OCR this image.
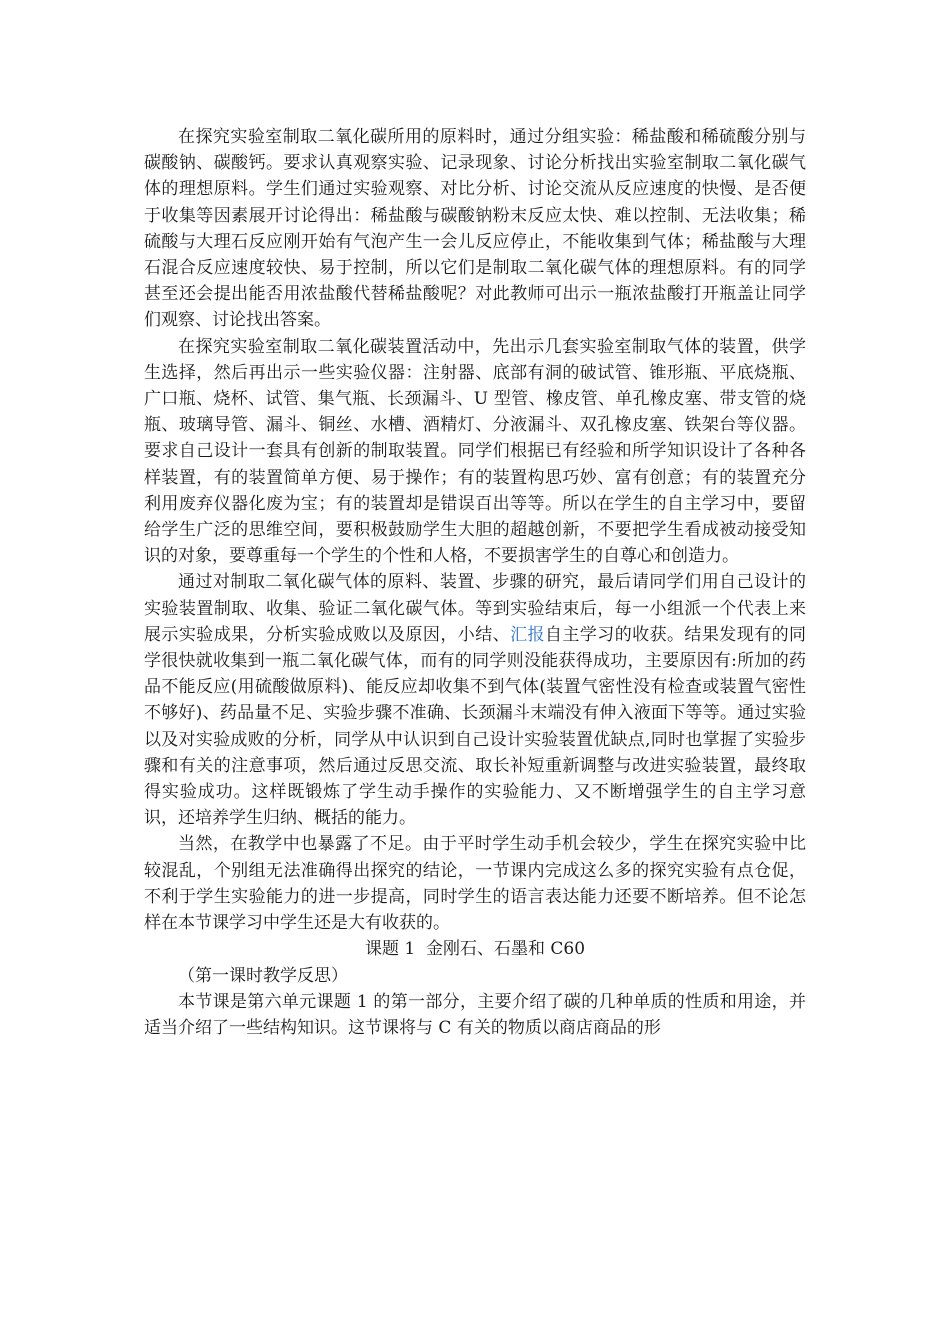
在探究实验室制取二氧化碳所用的原料时，通过分组实验：稀盐酸和稀硫酸分别与碳酸钠、碳酸钙。要求认真观察实验、记录现象、讨论分析找出实验室制取二氧化碳气体的理想原料。学生们通过实验观察、对比分析、讨论交流从反应速度的快慢、是否便于收集等因素展开讨论得出：稀盐酸与碳酸钠粉末反应太快、难以控制、无法收集；稀硫酸与大理石反应刚开始有气泡产生一会儿反应停止，不能收集到气体；稀盐酸与大理石混合反应速度较快、易于控制，所以它们是制取二氧化碳气体的理想原料。有的同学甚至还会提出能否用浓盐酸代替稀盐酸呢？对此教师可出示一瓶浓盐酸打开瓶盖让同学们观察、讨论找出答案。

在探究实验室制取二氧化碳装置活动中，先出示几套实验室制取气体的装置，供学生选择，然后再出示一些实验仪器：注射器、底部有洞的破试管、锥形瓶、平底烧瓶、广口瓶、烧杯、试管、集气瓶、长颈漏斗、U 型管、橡皮管、单孔橡皮塞、带支管的烧瓶、玻璃导管、漏斗、铜丝、水槽、酒精灯、分液漏斗、双孔橡皮塞、铁架台等仪器。要求自己设计一套具有创新的制取装置。同学们根据已有经验和所学知识设计了各种各样装置，有的装置简单方便、易于操作；有的装置构思巧妙、富有创意；有的装置充分利用废弃仪器化废为宝；有的装置却是错误百出等等。所以在学生的自主学习中，要留给学生广泛的思维空间，要积极鼓励学生大胆的超越创新，不要把学生看成被动接受知识的对象，要尊重每一个学生的个性和人格，不要损害学生的自尊心和创造力。

通过对制取二氧化碳气体的原料、装置、步骤的研究，最后请同学们用自己设计的实验装置制取、收集、验证二氧化碳气体。等到实验结束后，每一小组派一个代表上来展示实验成果，分析实验成败以及原因，小结、汇报自主学习的收获。结果发现有的同学很快就收集到一瓶二氧化碳气体，而有的同学则没能获得成功，主要原因有:所加的药品不能反应(用硫酸做原料)、能反应却收集不到气体(装置气密性没有检查或装置气密性不够好)、药品量不足、实验步骤不准确、长颈漏斗末端没有伸入液面下等等。通过实验以及对实验成败的分析，同学从中认识到自己设计实验装置优缺点,同时也掌握了实验步骤和有关的注意事项，然后通过反思交流、取长补短重新调整与改进实验装置，最终取得实验成功。这样既锻炼了学生动手操作的实验能力、又不断增强学生的自主学习意识，还培养学生归纳、概括的能力。

当然，在教学中也暴露了不足。由于平时学生动手机会较少，学生在探究实验中比较混乱，个别组无法准确得出探究的结论，一节课内完成这么多的探究实验有点仓促，不利于学生实验能力的进一步提高，同时学生的语言表达能力还要不断培养。但不论怎样在本节课学习中学生还是大有收获的。

课题 1  金刚石、石墨和 C60

（第一课时教学反思）

本节课是第六单元课题 1 的第一部分，主要介绍了碳的几种单质的性质和用途，并适当介绍了一些结构知识。这节课将与 C 有关的物质以商店商品的形
